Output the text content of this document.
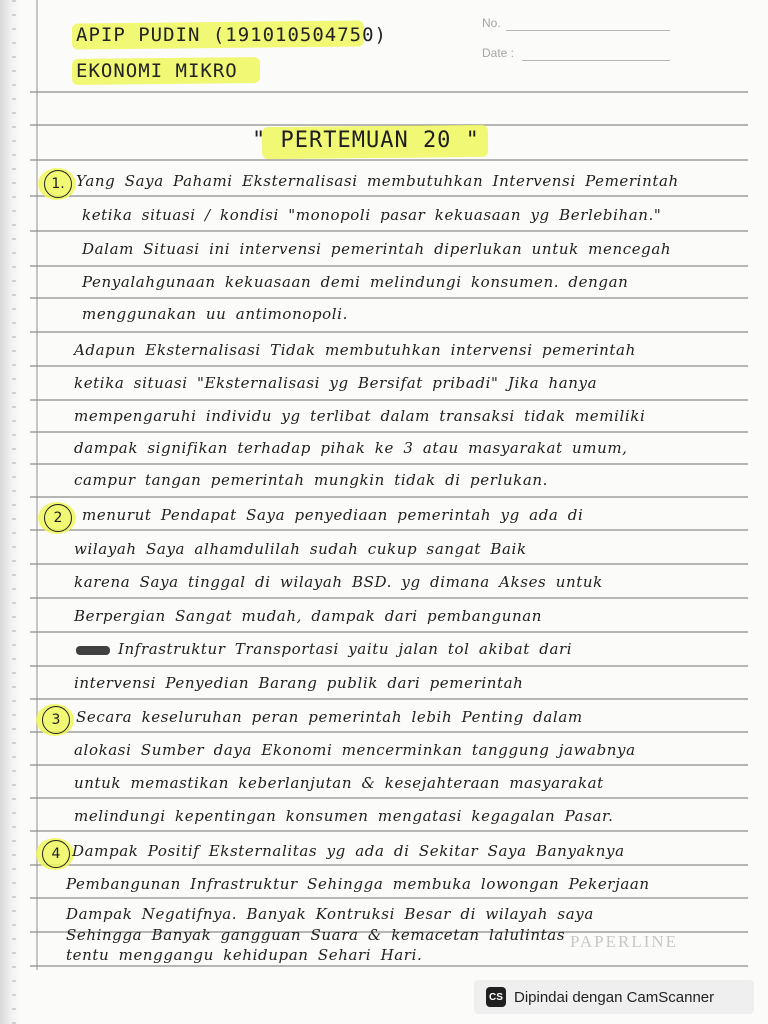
APIP PUDIN (191010504750)
EKONOMI MIKRO
No.
Date :
" PERTEMUAN 20 "
1. Yang Saya Pahami Eksternalisasi membutuhkan Intervensi Pemerintah
ketika situasi / kondisi "monopoli pasar kekuasaan yg Berlebihan."
Dalam Situasi ini intervensi pemerintah diperlukan untuk mencegah
Penyalahgunaan kekuasaan demi melindungi konsumen. dengan
menggunakan uu antimonopoli.
Adapun Eksternalisasi Tidak membutuhkan intervensi pemerintah
ketika situasi "Eksternalisasi yg Bersifat pribadi" Jika hanya
mempengaruhi individu yg terlibat dalam transaksi tidak memiliki
dampak signifikan terhadap pihak ke 3 atau masyarakat umum,
campur tangan pemerintah mungkin tidak di perlukan.
2	menurut Pendapat Saya penyediaan pemerintah yg ada di
wilayah Saya alhamdulilah sudah cukup sangat Baik
karena Saya tinggal di wilayah BSD. yg dimana Akses untuk
Berpergian Sangat mudah, dampak dari pembangunan
Infrastruktur Transportasi yaitu jalan tol akibat dari
intervensi Penyedian Barang publik dari pemerintah
3	Secara keseluruhan peran pemerintah lebih Penting dalam
alokasi Sumber daya Ekonomi mencerminkan tanggung jawabnya
untuk memastikan keberlanjutan & kesejahteraan masyarakat
melindungi kepentingan konsumen mengatasi kegagalan Pasar.
4 Dampak Positif Eksternalitas yg ada di Sekitar Saya Banyaknya
Pembangunan Infrastruktur Sehingga membuka lowongan Pekerjaan
Dampak Negatifnya. Banyak Kontruksi Besar di wilayah saya
Sehingga Banyak gangguan Suara & kemacetan lalulintas
tentu menggangu kehidupan Sehari Hari.
PAPERLINE
CS Dipindai dengan CamScanner
